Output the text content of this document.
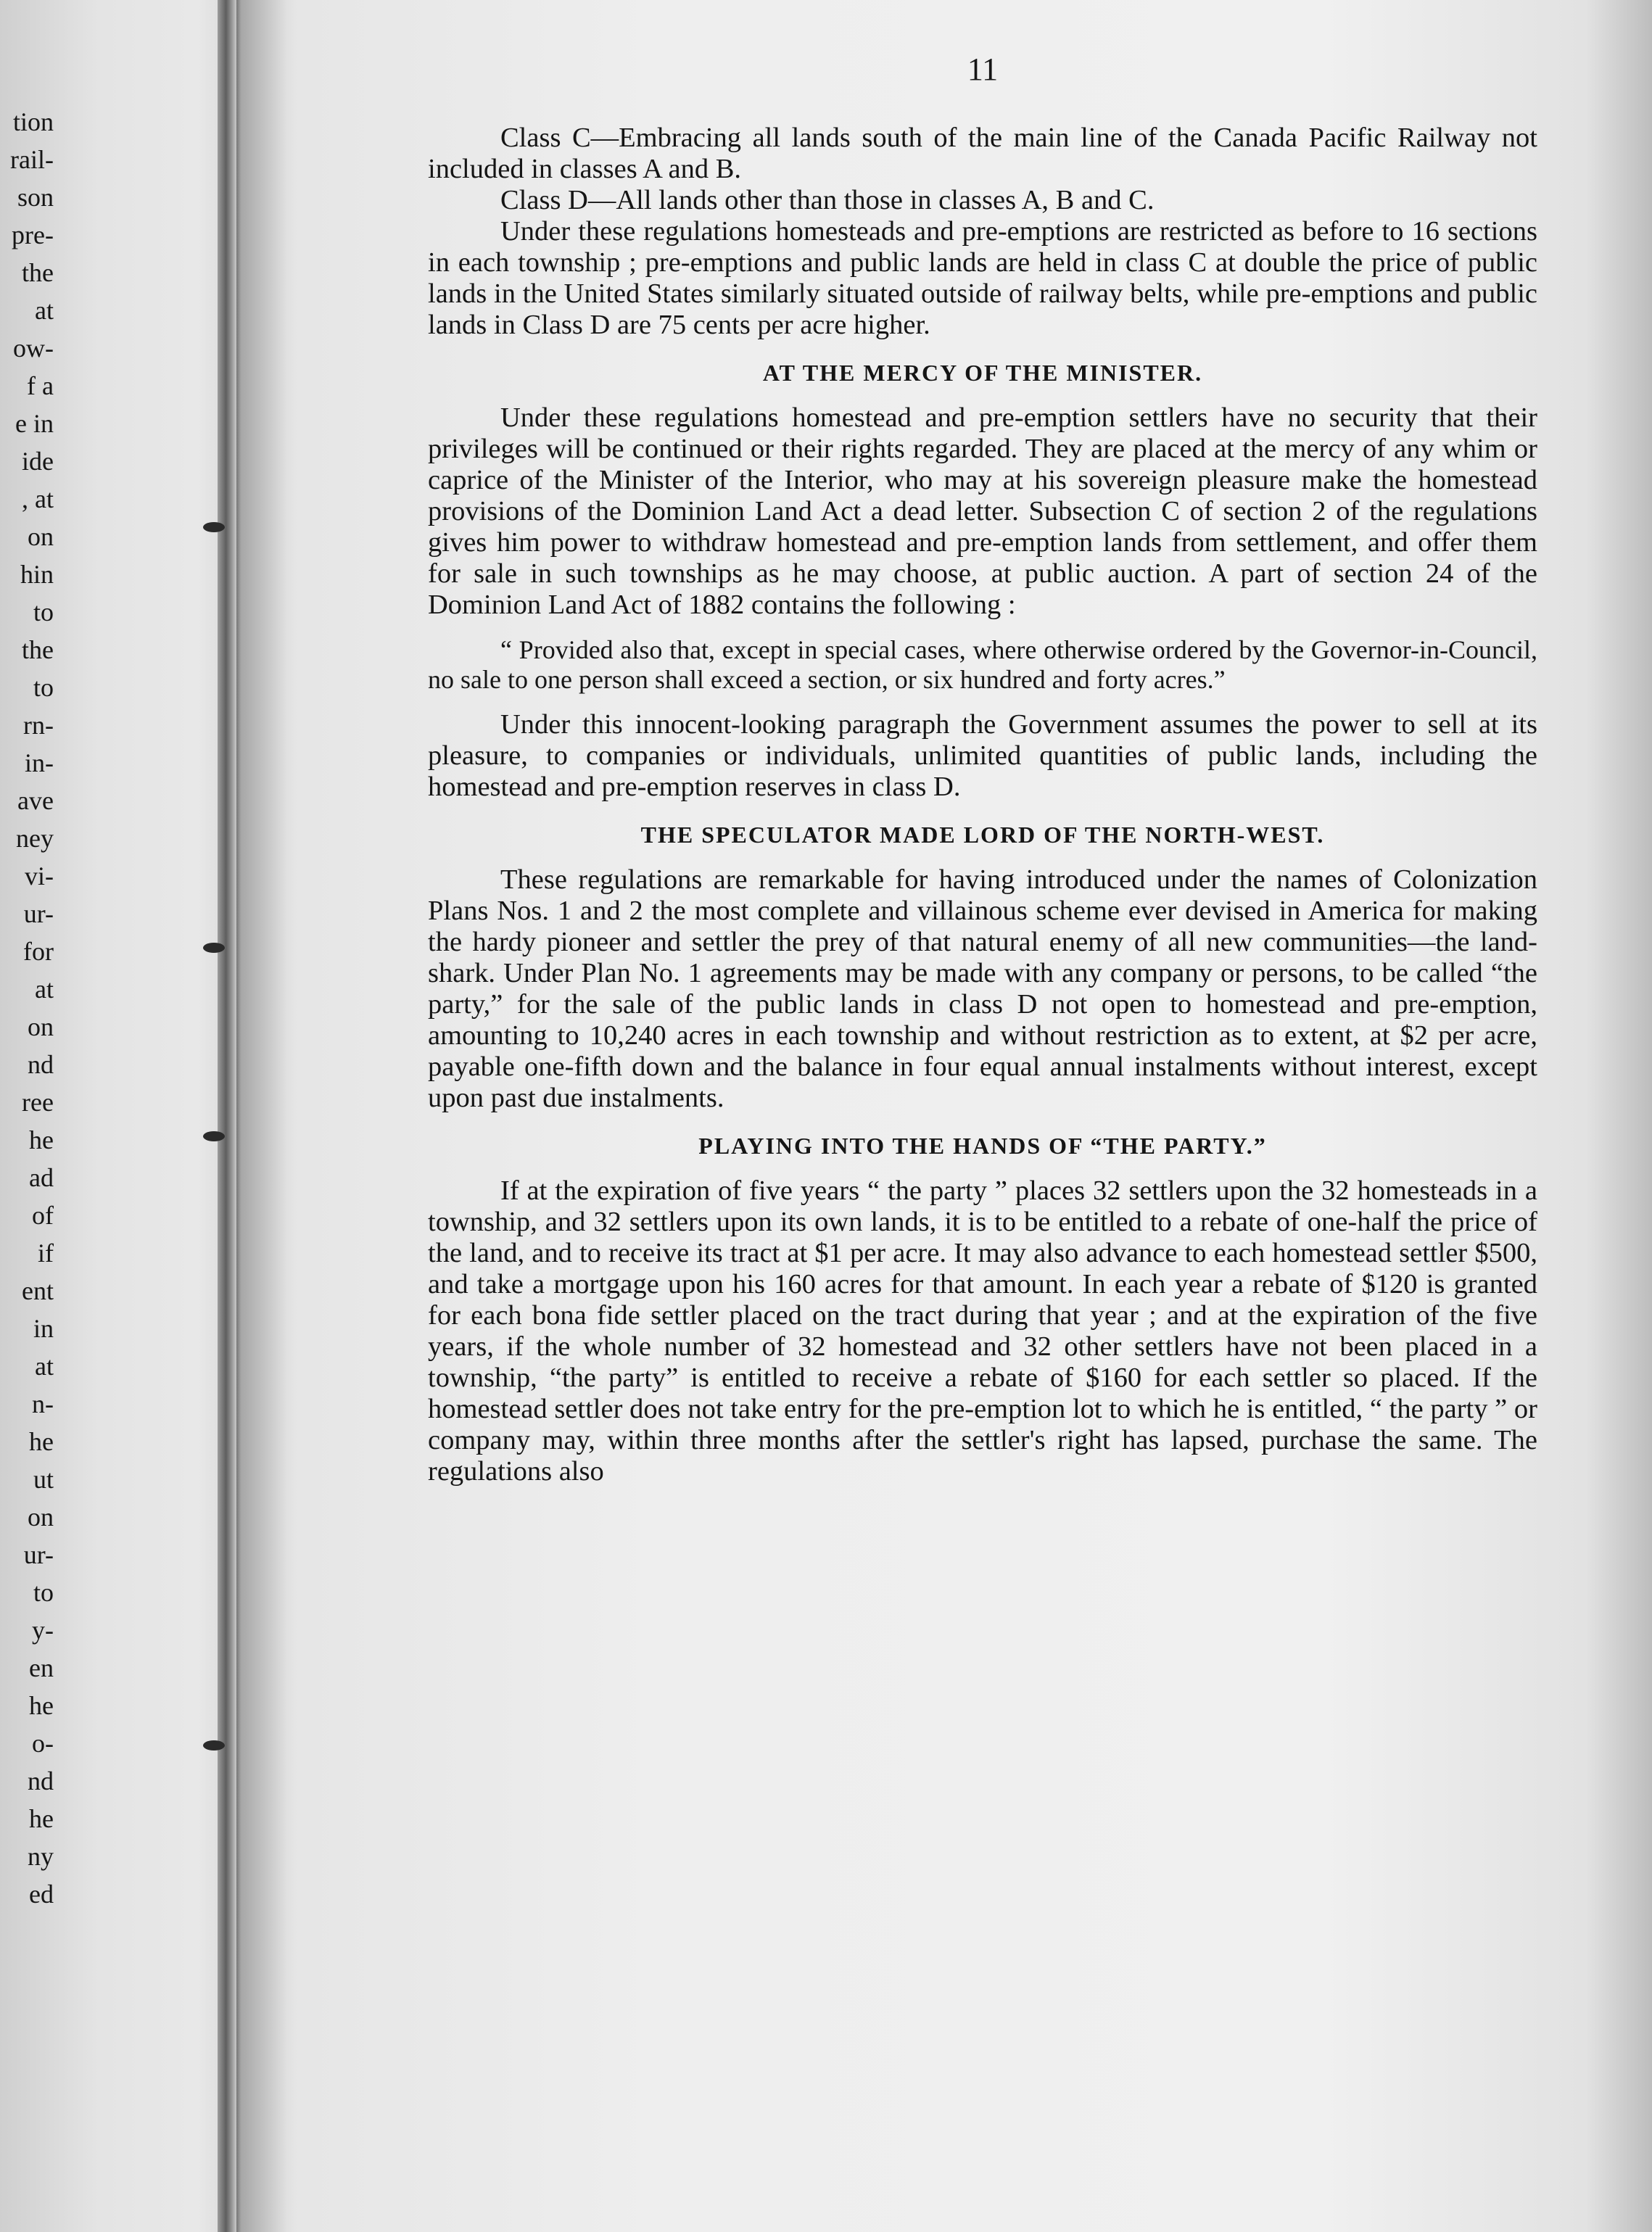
tion
rail-
son
pre-
the
at
ow-
f a
e in
ide
, at
on
hin
to
the
to
rn-
in-
ave
ney
vi-
ur-
for
at
on
nd
ree
he
ad
of
if
ent
in
at
n-
he
ut
on
ur-
to
y-
en
he
o-
nd
he
ny
ed
11

Class C—Embracing all lands south of the main line of the Canada Pacific Railway not included in classes A and B.

Class D—All lands other than those in classes A, B and C.

Under these regulations homesteads and pre-emptions are restricted as before to 16 sections in each township ; pre-emptions and public lands are held in class C at double the price of public lands in the United States similarly situated outside of railway belts, while pre-emptions and public lands in Class D are 75 cents per acre higher.

AT THE MERCY OF THE MINISTER.

Under these regulations homestead and pre-emption settlers have no security that their privileges will be continued or their rights regarded. They are placed at the mercy of any whim or caprice of the Minister of the Interior, who may at his sovereign pleasure make the homestead provisions of the Dominion Land Act a dead letter. Subsection C of section 2 of the regulations gives him power to withdraw homestead and pre-emption lands from settlement, and offer them for sale in such townships as he may choose, at public auction. A part of section 24 of the Dominion Land Act of 1882 contains the following :

“ Provided also that, except in special cases, where otherwise ordered by the Governor-in-Council, no sale to one person shall exceed a section, or six hundred and forty acres.”

Under this innocent-looking paragraph the Government assumes the power to sell at its pleasure, to companies or individuals, unlimited quantities of public lands, including the homestead and pre-emption reserves in class D.

THE SPECULATOR MADE LORD OF THE NORTH-WEST.

These regulations are remarkable for having introduced under the names of Colonization Plans Nos. 1 and 2 the most complete and villainous scheme ever devised in America for making the hardy pioneer and settler the prey of that natural enemy of all new communities—the land-shark. Under Plan No. 1 agreements may be made with any company or persons, to be called “the party,” for the sale of the public lands in class D not open to homestead and pre-emption, amounting to 10,240 acres in each township and without restriction as to extent, at $2 per acre, payable one-fifth down and the balance in four equal annual instalments without interest, except upon past due instalments.

PLAYING INTO THE HANDS OF “THE PARTY.”

If at the expiration of five years “ the party ” places 32 settlers upon the 32 homesteads in a township, and 32 settlers upon its own lands, it is to be entitled to a rebate of one-half the price of the land, and to receive its tract at $1 per acre. It may also advance to each homestead settler $500, and take a mortgage upon his 160 acres for that amount. In each year a rebate of $120 is granted for each bona fide settler placed on the tract during that year ; and at the expiration of the five years, if the whole number of 32 homestead and 32 other settlers have not been placed in a township, “the party” is entitled to receive a rebate of $160 for each settler so placed. If the homestead settler does not take entry for the pre-emption lot to which he is entitled, “ the party ” or company may, within three months after the settler's right has lapsed, purchase the same. The regulations also
